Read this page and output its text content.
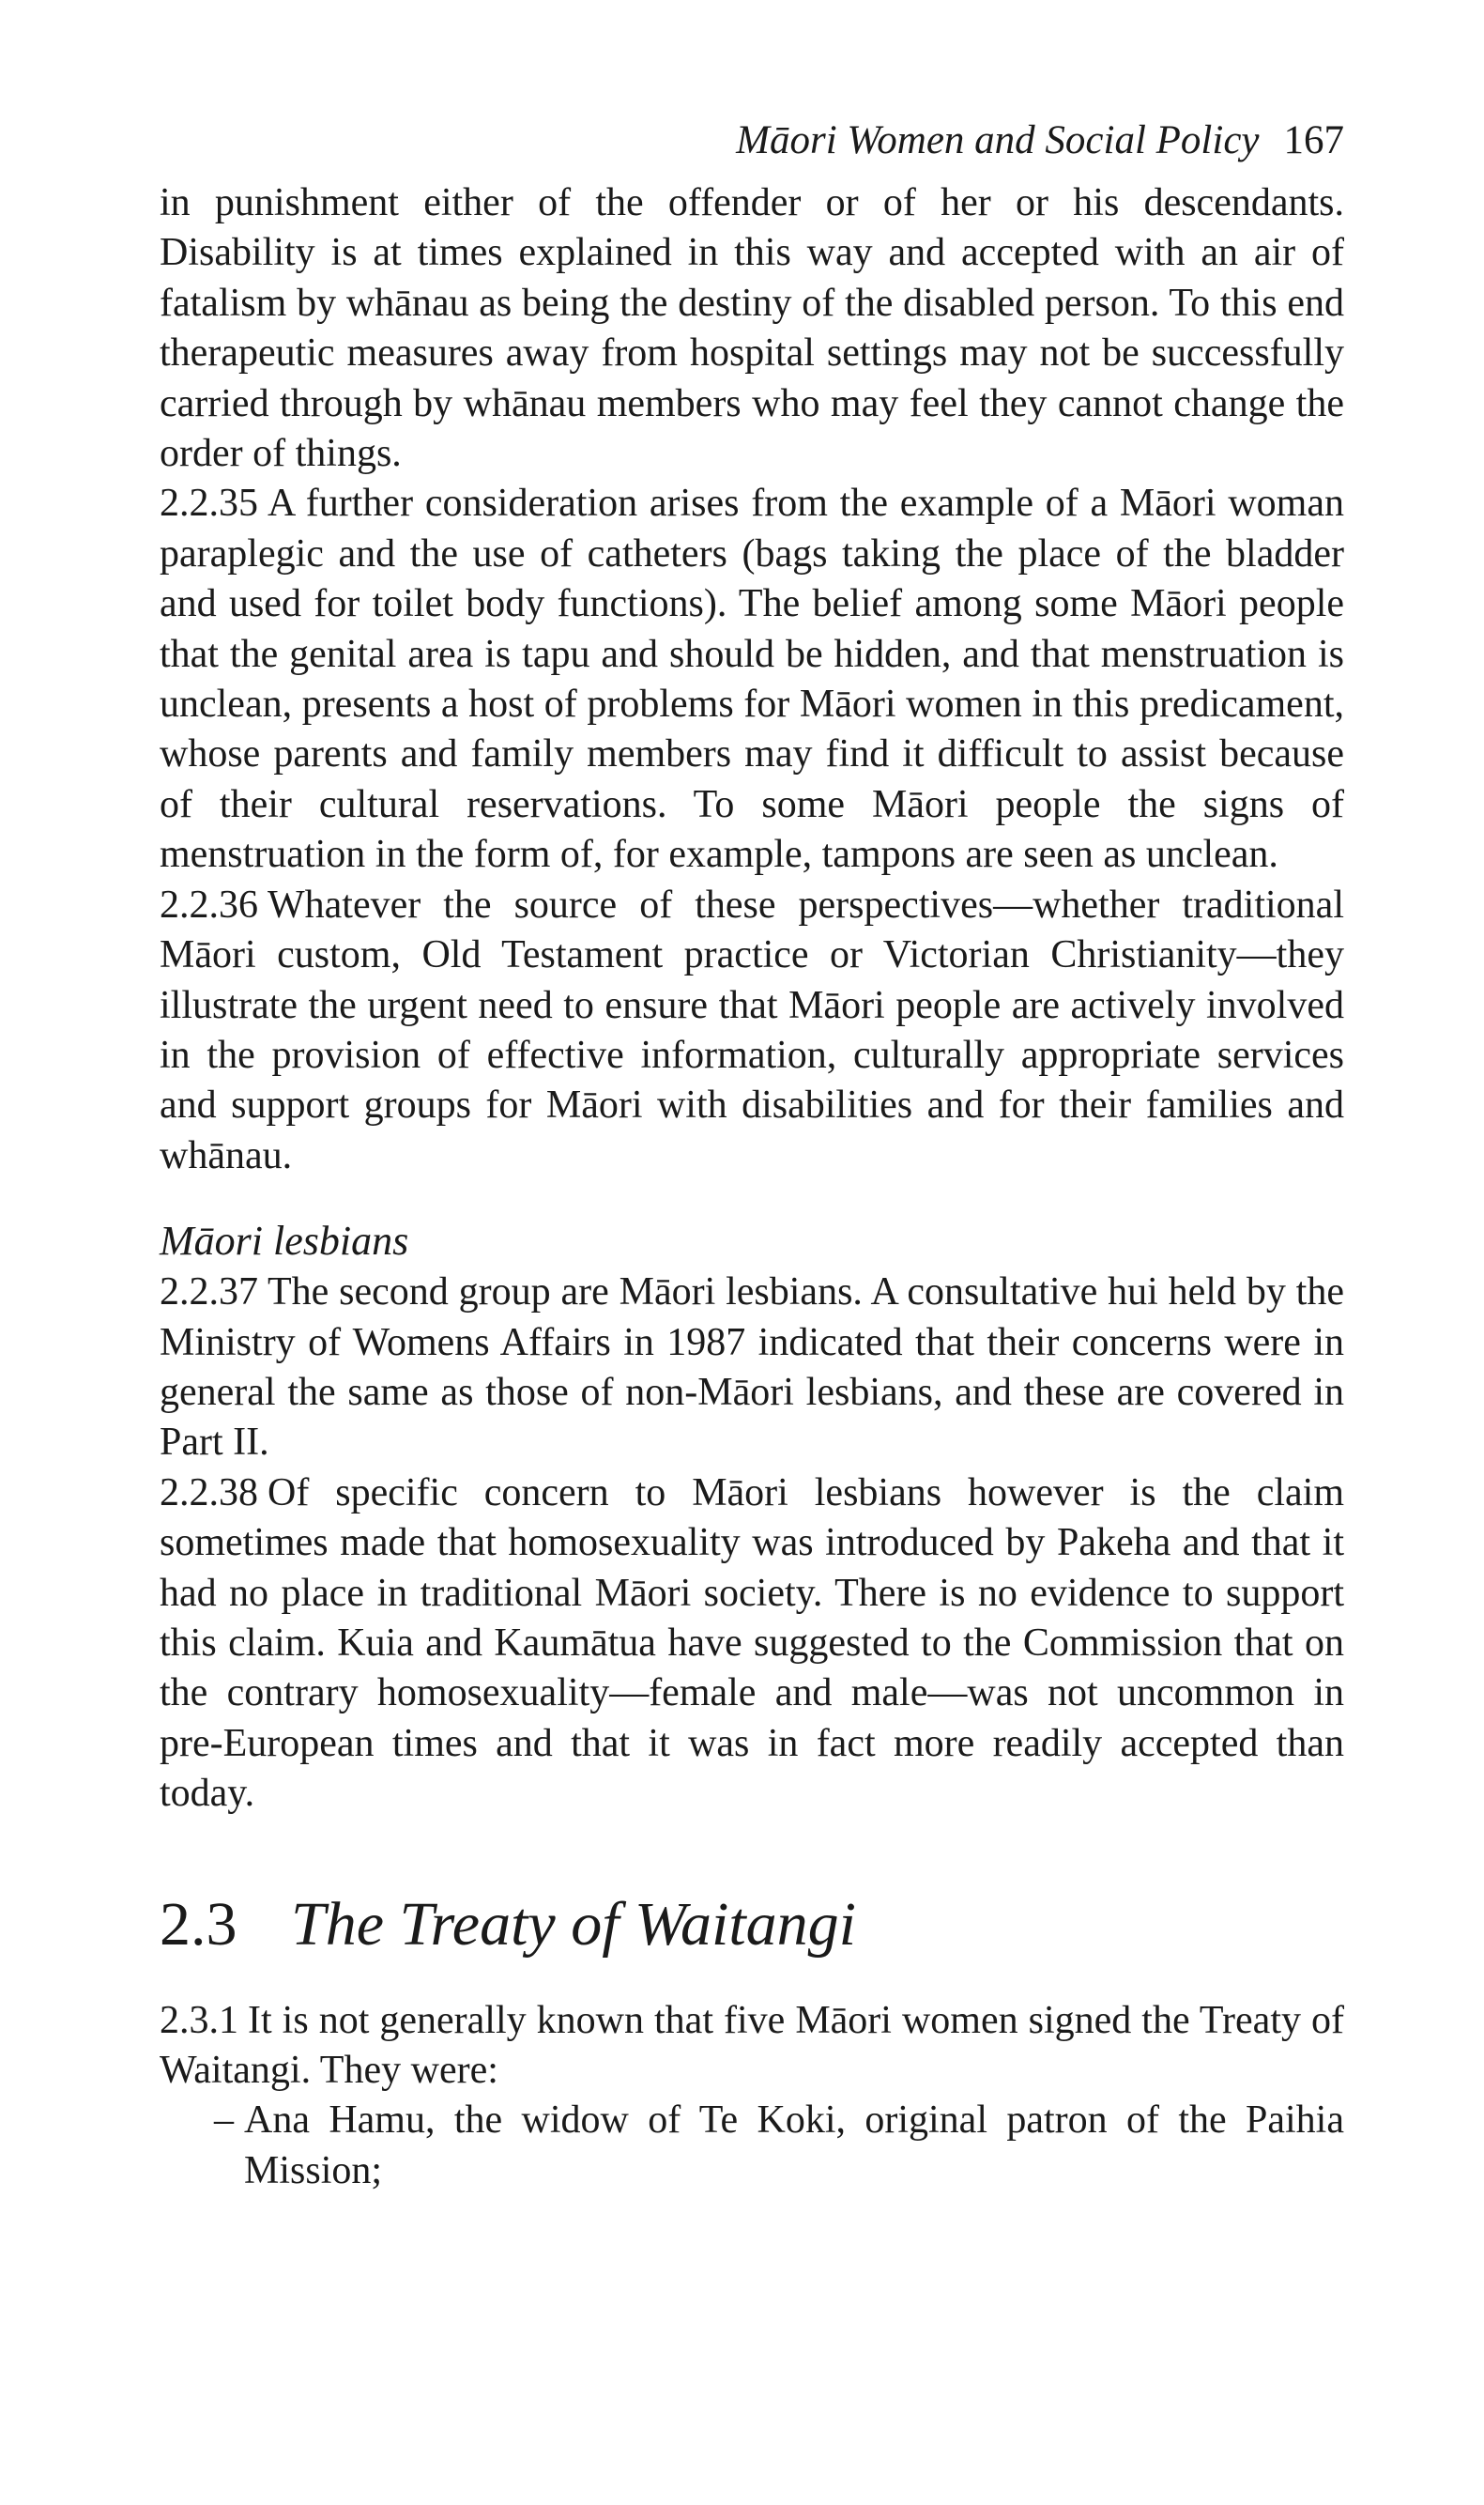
Māori Women and Social Policy 167

in punishment either of the offender or of her or his descendants. Disability is at times explained in this way and accepted with an air of fatalism by whānau as being the destiny of the disabled person. To this end therapeutic measures away from hospital settings may not be successfully carried through by whānau members who may feel they cannot change the order of things.

2.2.35 A further consideration arises from the example of a Māori woman paraplegic and the use of catheters (bags taking the place of the bladder and used for toilet body functions). The belief among some Māori people that the genital area is tapu and should be hidden, and that menstruation is unclean, presents a host of problems for Māori women in this predicament, whose parents and family members may find it difficult to assist because of their cultural reservations. To some Māori people the signs of menstruation in the form of, for example, tampons are seen as unclean.

2.2.36 Whatever the source of these perspectives—whether traditional Māori custom, Old Testament practice or Victorian Christianity—they illustrate the urgent need to ensure that Māori people are actively involved in the provision of effective information, culturally appropriate services and support groups for Māori with disabilities and for their families and whānau.

Māori lesbians

2.2.37 The second group are Māori lesbians. A consultative hui held by the Ministry of Womens Affairs in 1987 indicated that their concerns were in general the same as those of non-Māori lesbians, and these are covered in Part II.

2.2.38 Of specific concern to Māori lesbians however is the claim sometimes made that homosexuality was introduced by Pakeha and that it had no place in traditional Māori society. There is no evidence to support this claim. Kuia and Kaumātua have suggested to the Commission that on the contrary homosexuality—female and male—was not uncommon in pre-European times and that it was in fact more readily accepted than today.

2.3 The Treaty of Waitangi

2.3.1 It is not generally known that five Māori women signed the Treaty of Waitangi. They were:

– Ana Hamu, the widow of Te Koki, original patron of the Paihia Mission;
